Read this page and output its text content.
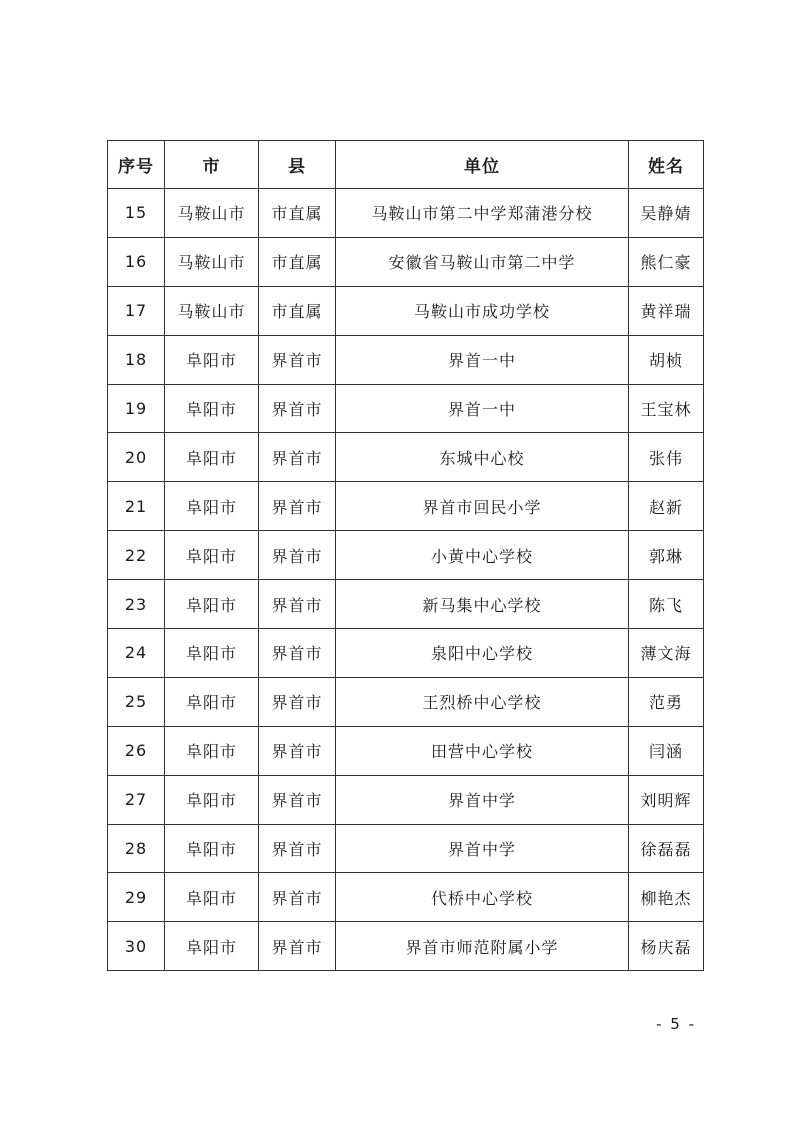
序号	市	县	单位	姓名
15	马鞍山市	市直属	马鞍山市第二中学郑蒲港分校	吴静婧
16	马鞍山市	市直属	安徽省马鞍山市第二中学	熊仁豪
17	马鞍山市	市直属	马鞍山市成功学校	黄祥瑞
18	阜阳市	界首市	界首一中	胡桢
19	阜阳市	界首市	界首一中	王宝林
20	阜阳市	界首市	东城中心校	张伟
21	阜阳市	界首市	界首市回民小学	赵新
22	阜阳市	界首市	小黄中心学校	郭琳
23	阜阳市	界首市	新马集中心学校	陈飞
24	阜阳市	界首市	泉阳中心学校	薄文海
25	阜阳市	界首市	王烈桥中心学校	范勇
26	阜阳市	界首市	田营中心学校	闫涵
27	阜阳市	界首市	界首中学	刘明辉
28	阜阳市	界首市	界首中学	徐磊磊
29	阜阳市	界首市	代桥中心学校	柳艳杰
30	阜阳市	界首市	界首市师范附属小学	杨庆磊
- 5 -
